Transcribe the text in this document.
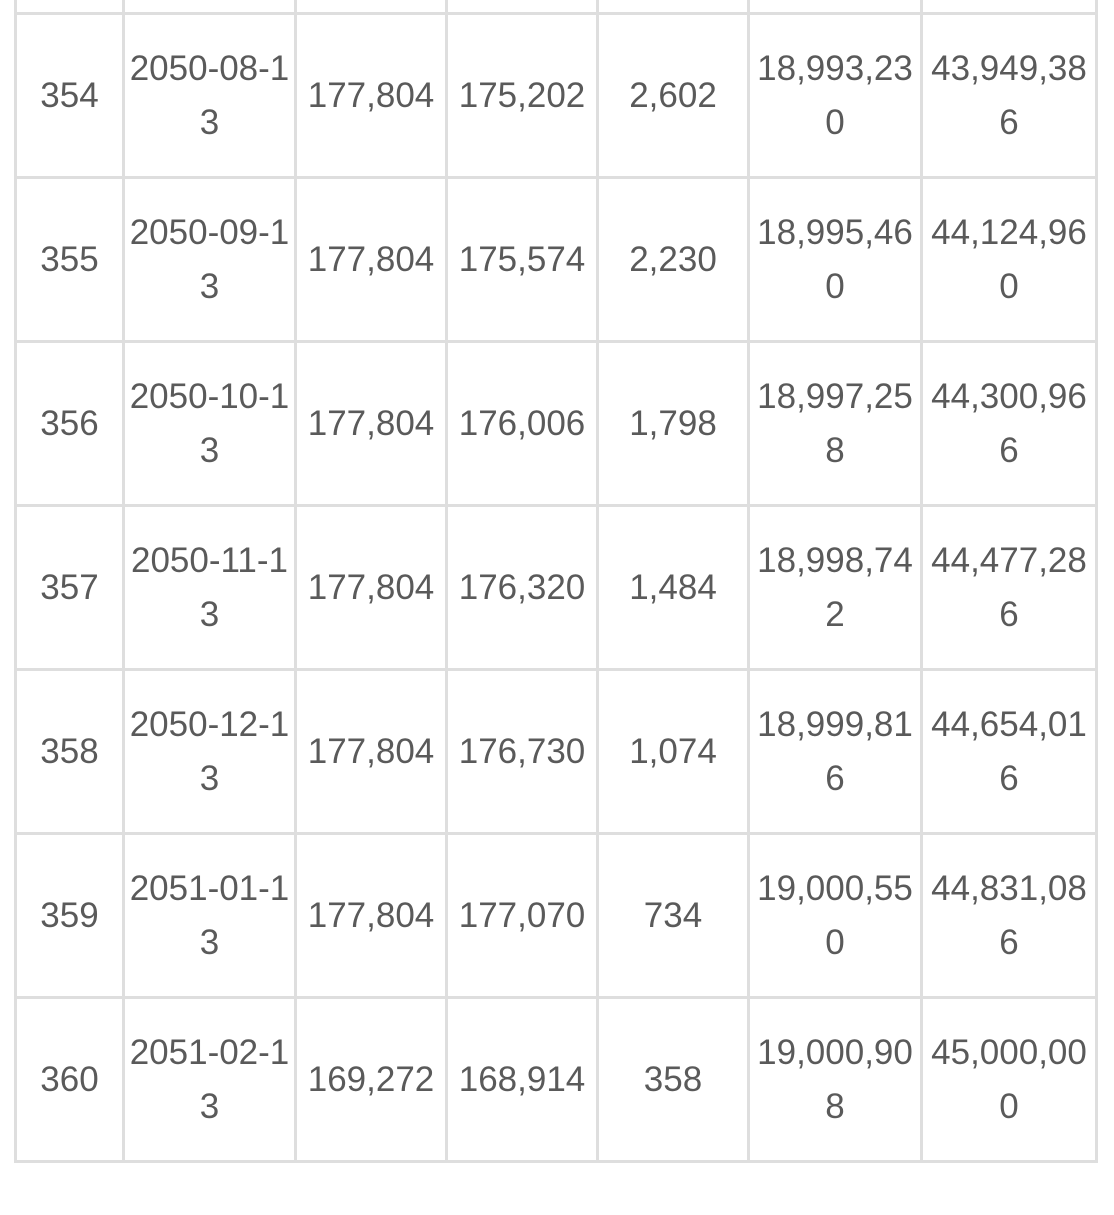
354	2050-08-13	177,804	175,202	2,602	18,993,230	43,949,386
355	2050-09-13	177,804	175,574	2,230	18,995,460	44,124,960
356	2050-10-13	177,804	176,006	1,798	18,997,258	44,300,966
357	2050-11-13	177,804	176,320	1,484	18,998,742	44,477,286
358	2050-12-13	177,804	176,730	1,074	18,999,816	44,654,016
359	2051-01-13	177,804	177,070	734	19,000,550	44,831,086
360	2051-02-13	169,272	168,914	358	19,000,908	45,000,000
